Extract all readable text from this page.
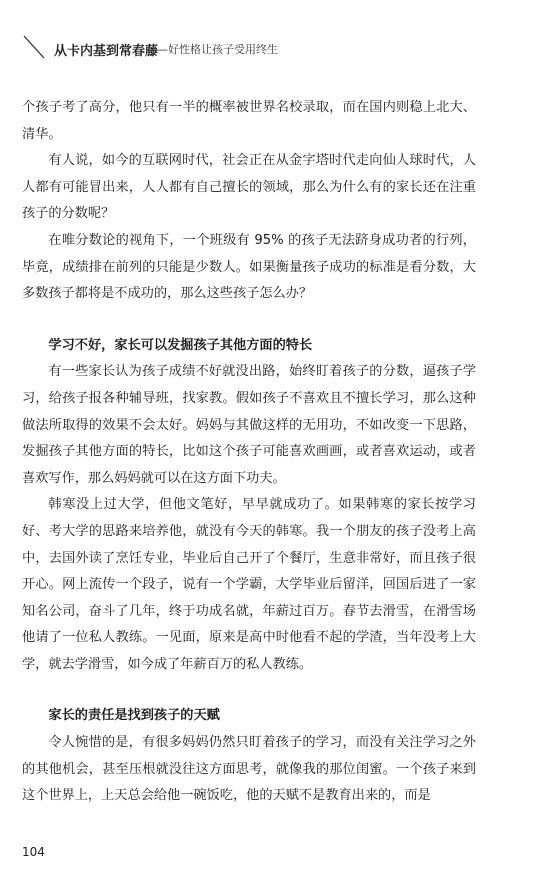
从卡内基到常春藤
——好性格让孩子受用终生

个孩子考了高分，他只有一半的概率被世界名校录取，而在国内则稳上北大、清华。

有人说，如今的互联网时代，社会正在从金字塔时代走向仙人球时代，人人都有可能冒出来，人人都有自己擅长的领域，那么为什么有的家长还在注重孩子的分数呢？

在唯分数论的视角下，一个班级有 95% 的孩子无法跻身成功者的行列，毕竟，成绩排在前列的只能是少数人。如果衡量孩子成功的标准是看分数，大多数孩子都将是不成功的，那么这些孩子怎么办？

学习不好，家长可以发掘孩子其他方面的特长

有一些家长认为孩子成绩不好就没出路，始终盯着孩子的分数，逼孩子学习，给孩子报各种辅导班，找家教。假如孩子不喜欢且不擅长学习，那么这种做法所取得的效果不会太好。妈妈与其做这样的无用功，不如改变一下思路，发掘孩子其他方面的特长，比如这个孩子可能喜欢画画，或者喜欢运动，或者喜欢写作，那么妈妈就可以在这方面下功夫。

韩寒没上过大学，但他文笔好，早早就成功了。如果韩寒的家长按学习好、考大学的思路来培养他，就没有今天的韩寒。我一个朋友的孩子没考上高中，去国外读了烹饪专业，毕业后自己开了个餐厅，生意非常好，而且孩子很开心。网上流传一个段子，说有一个学霸，大学毕业后留洋，回国后进了一家知名公司，奋斗了几年，终于功成名就，年薪过百万。春节去滑雪，在滑雪场他请了一位私人教练。一见面，原来是高中时他看不起的学渣，当年没考上大学，就去学滑雪，如今成了年薪百万的私人教练。

家长的责任是找到孩子的天赋

令人惋惜的是，有很多妈妈仍然只盯着孩子的学习，而没有关注学习之外的其他机会，甚至压根就没往这方面思考，就像我的那位闺蜜。一个孩子来到这个世界上，上天总会给他一碗饭吃，他的天赋不是教育出来的，而是

104
